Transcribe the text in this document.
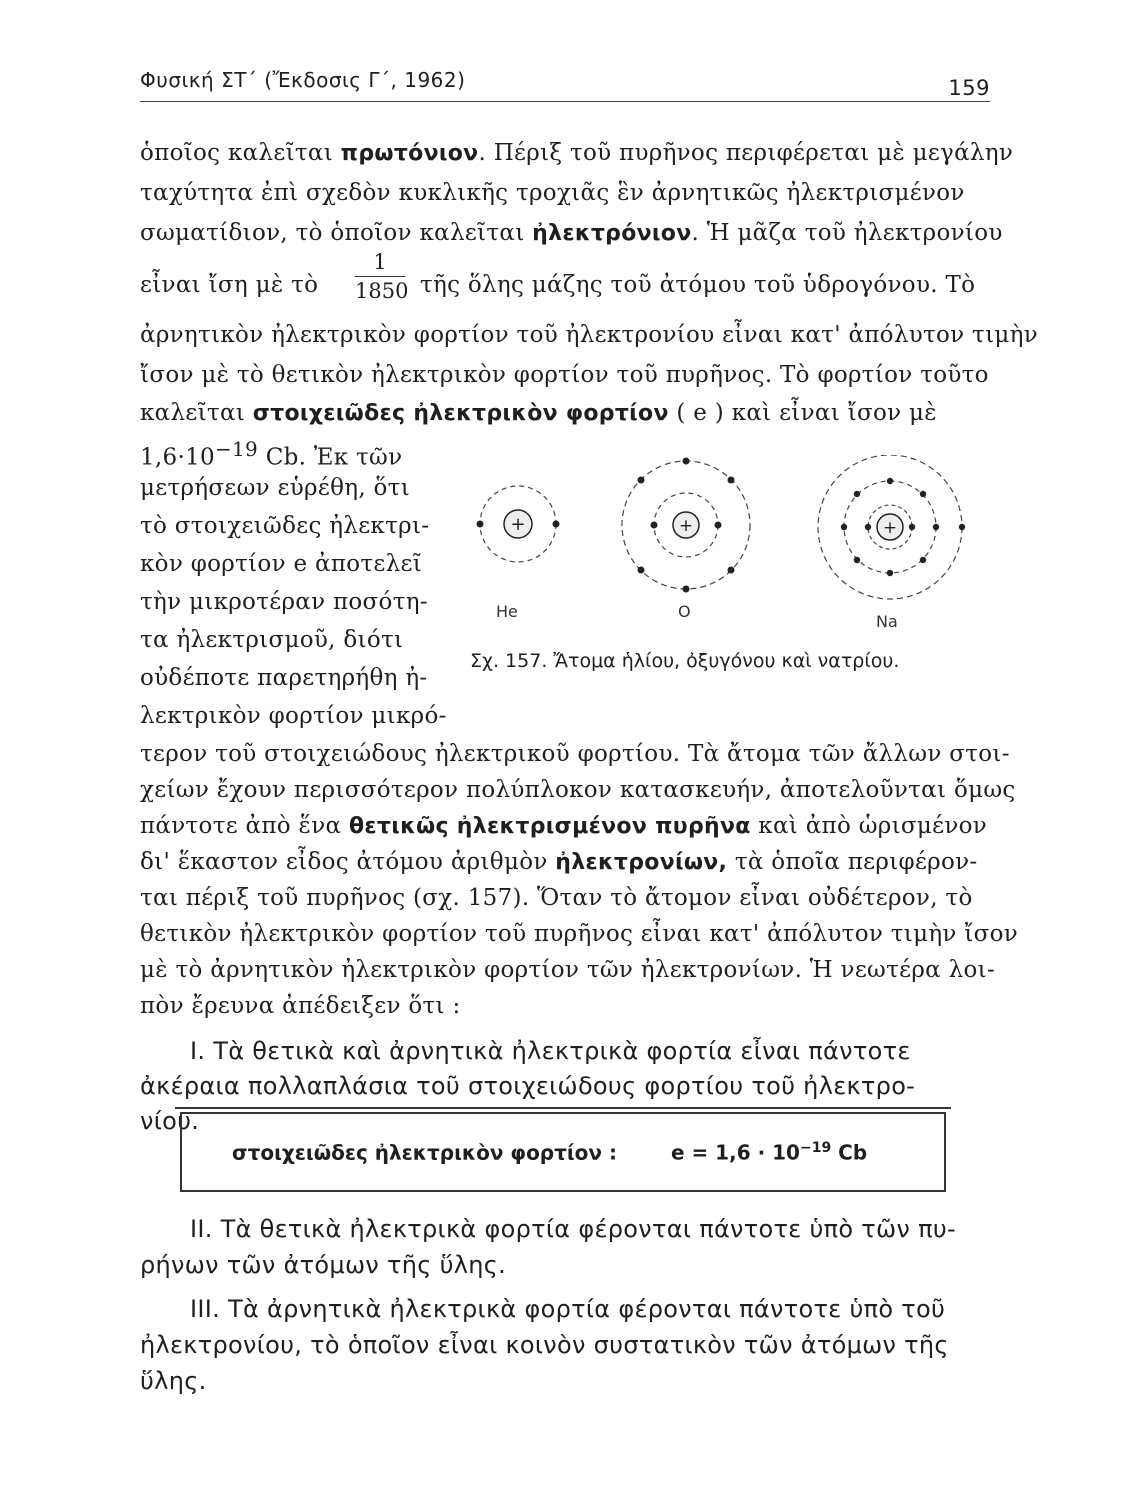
Φυσική ΣΤ΄ (Ἔκδοσις Γ΄, 1962)	159
ὁποῖος καλεῖται πρωτόνιον. Πέριξ τοῦ πυρῆνος περιφέρεται μὲ μεγάλην
ταχύτητα ἐπὶ σχεδὸν κυκλικῆς τροχιᾶς ἓν ἀρνητικῶς ἠλεκτρισμένον
σωματίδιον, τὸ ὁποῖον καλεῖται ἠλεκτρόνιον. Ἡ μᾶζα τοῦ ἠλεκτρονίου
εἶναι ἴση μὲ τὸ
1
1850 τῆς ὅλης μάζης τοῦ ἀτόμου τοῦ ὑδρογόνου. Τὸ
ἀρνητικὸν ἠλεκτρικὸν φορτίον τοῦ ἠλεκτρονίου εἶναι κατ' ἀπόλυτον τιμὴν
ἴσον μὲ τὸ θετικὸν ἠλεκτρικὸν φορτίον τοῦ πυρῆνος. Τὸ φορτίον τοῦτο
καλεῖται στοιχειῶδες ἠλεκτρικὸν φορτίον ( e ) καὶ εἶναι ἴσον μὲ
$1,6\cdot 10^{-19}$ Cb. Ἐκ τῶν
μετρήσεων εὑρέθη, ὅτι
τὸ στοιχειῶδες ἠλεκτρι-
κὸν φορτίον e ἀποτελεῖ
τὴν μικροτέραν ποσότη-
τα ἠλεκτρισμοῦ, διότι
οὐδέποτε παρετηρήθη ἠ-
λεκτρικὸν φορτίον μικρό-
+	+	+
He	O
Na
Σχ. 157. Ἄτομα ἡλίου, ὀξυγόνου καὶ νατρίου.
τερον τοῦ στοιχειώδους ἠλεκτρικοῦ φορτίου. Τὰ ἄτομα τῶν ἄλλων στοι-
χείων ἔχουν περισσότερον πολύπλοκον κατασκευήν, ἀποτελοῦνται ὅμως
πάντοτε ἀπὸ ἕνα θετικῶς ἠλεκτρισμένον πυρῆνα καὶ ἀπὸ ὡρισμένον
δι' ἕκαστον εἶδος ἀτόμου ἀριθμὸν ἠλεκτρονίων, τὰ ὁποῖα περιφέρον-
ται πέριξ τοῦ πυρῆνος (σχ. 157). Ὅταν τὸ ἄτομον εἶναι οὐδέτερον, τὸ
θετικὸν ἠλεκτρικὸν φορτίον τοῦ πυρῆνος εἶναι κατ' ἀπόλυτον τιμὴν ἴσον
μὲ τὸ ἀρνητικὸν ἠλεκτρικὸν φορτίον τῶν ἠλεκτρονίων. Ἡ νεωτέρα λοι-
πὸν ἔρευνα ἀπέδειξεν ὅτι :
I. Τὰ θετικὰ καὶ ἀρνητικὰ ἠλεκτρικὰ φορτία εἶναι πάντοτε
ἀκέραια πολλαπλάσια τοῦ στοιχειώδους φορτίου τοῦ ἠλεκτρο-
νίου.
στοιχειῶδες ἠλεκτρικὸν φορτίον :	$e = 1,6 \cdot 10^{-19}$ Cb
II. Τὰ θετικὰ ἠλεκτρικὰ φορτία φέρονται πάντοτε ὑπὸ τῶν πυ-
ρήνων τῶν ἀτόμων τῆς ὕλης.
III. Τὰ ἀρνητικὰ ἠλεκτρικὰ φορτία φέρονται πάντοτε ὑπὸ τοῦ
ἠλεκτρονίου, τὸ ὁποῖον εἶναι κοινὸν συστατικὸν τῶν ἀτόμων τῆς
ὕλης.
